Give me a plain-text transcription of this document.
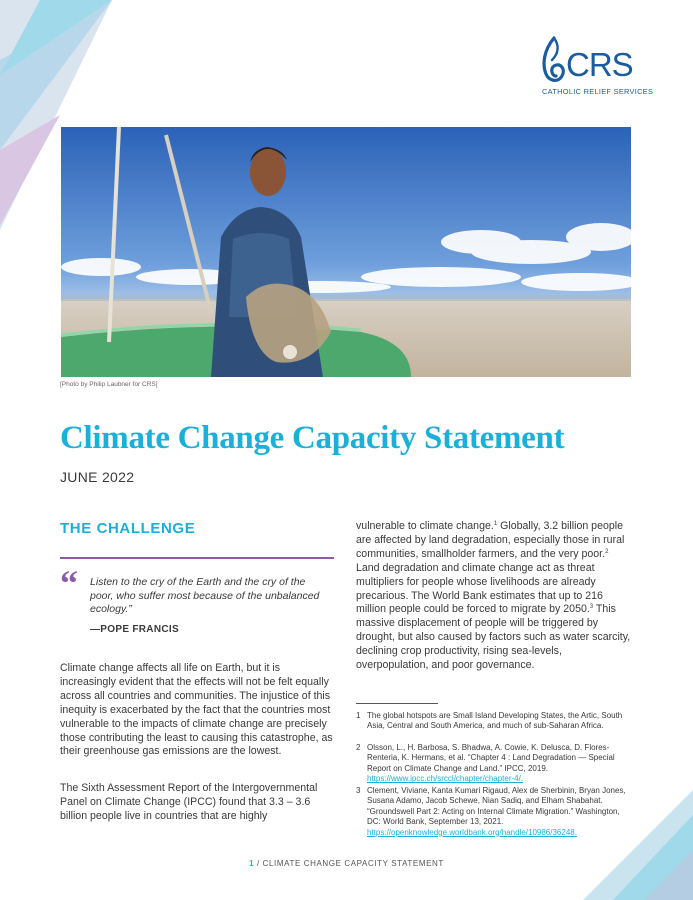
CRS
CATHOLIC RELIEF SERVICES
[Photo by Philip Laubner for CRS]
Climate Change Capacity Statement
JUNE 2022
THE CHALLENGE
“ Listen to the cry of the Earth and the cry of the poor, who suffer most because of the unbalanced ecology.”
—POPE FRANCIS
Climate change affects all life on Earth, but it is increasingly evident that the effects will not be felt equally across all countries and communities. The injustice of this inequity is exacerbated by the fact that the countries most vulnerable to the impacts of climate change are precisely those contributing the least to causing this catastrophe, as their greenhouse gas emissions are the lowest.
The Sixth Assessment Report of the Intergovernmental Panel on Climate Change (IPCC) found that 3.3 – 3.6 billion people live in countries that are highly
vulnerable to climate change.$^1$ Globally, 3.2 billion people are affected by land degradation, especially those in rural communities, smallholder farmers, and the very poor.$^2$ Land degradation and climate change act as threat multipliers for people whose livelihoods are already precarious. The World Bank estimates that up to 216 million people could be forced to migrate by 2050.$^3$ This massive displacement of people will be triggered by drought, but also caused by factors such as water scarcity, declining crop productivity, rising sea-levels, overpopulation, and poor governance.
1 The global hotspots are Small Island Developing States, the Artic, South Asia, Central and South America, and much of sub-Saharan Africa.
2 Olsson, L., H. Barbosa, S. Bhadwa, A. Cowie, K. Delusca, D. Flores-Renteria, K. Hermans, et al. “Chapter 4 : Land Degradation — Special Report on Climate Change and Land.” IPCC, 2019. https://www.ipcc.ch/srccl/chapter/chapter-4/.
3 Clement, Viviane, Kanta Kumari Rigaud, Alex de Sherbinin, Bryan Jones, Susana Adamo, Jacob Schewe, Nian Sadiq, and Elham Shabahat. “Groundswell Part 2: Acting on Internal Climate Migration.” Washington, DC: World Bank, September 13, 2021. https://openknowledge.worldbank.org/handle/10986/36248.
1 / CLIMATE CHANGE CAPACITY STATEMENT
